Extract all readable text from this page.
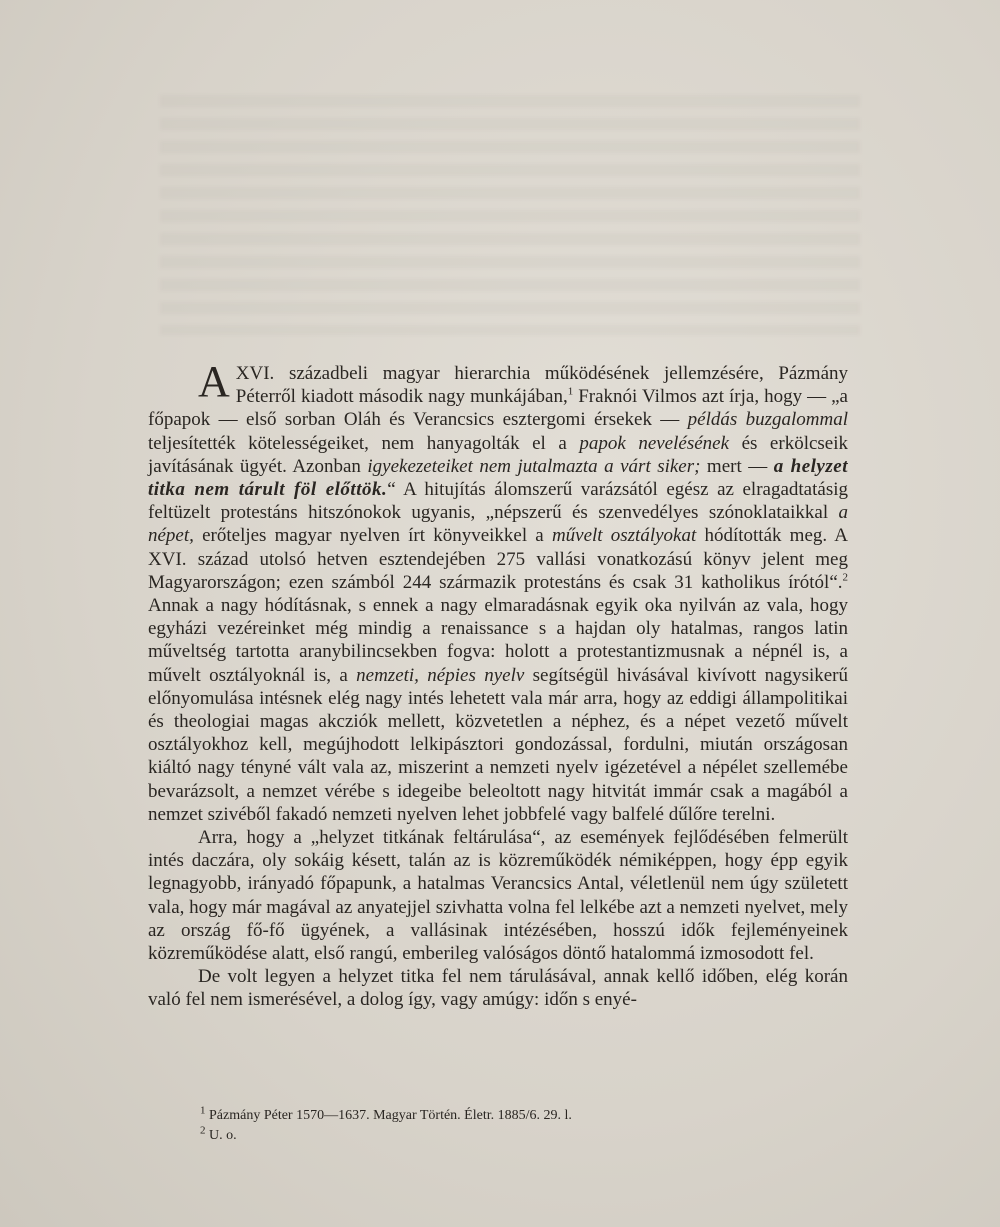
AXVI. századbeli magyar hierarchia működésének jellemzésére, Pázmány Péterről kiadott második nagy munkájában,$^1$ Fraknói Vilmos azt írja, hogy — „a főpapok — első sorban Oláh és Verancsics esztergomi érsekek — példás buzgalommal teljesítették kötelességeiket, nem hanyagolták el a papok nevelésének és erkölcseik javításának ügyét. Azonban igyekezeteiket nem jutalmazta a várt siker; mert — a helyzet titka nem tárult föl előttök.“ A hitujítás álomszerű varázsától egész az elragadtatásig feltüzelt protestáns hitszónokok ugyanis, „népszerű és szenvedélyes szónoklataikkal a népet, erőteljes magyar nyelven írt könyveikkel a művelt osztályokat hódították meg. A XVI. század utolsó hetven esztendejében 275 vallási vonatkozású könyv jelent meg Magyarországon; ezen számból 244 származik protestáns és csak 31 katholikus írótól“.$^2$ Annak a nagy hódításnak, s ennek a nagy elmaradásnak egyik oka nyilván az vala, hogy egyházi vezéreinket még mindig a renaissance s a hajdan oly hatalmas, rangos latin műveltség tartotta aranybilincsekben fogva: holott a protestantizmusnak a népnél is, a művelt osztályoknál is, a nemzeti, népies nyelv segítségül hivásával kivívott nagysikerű előnyomulása intésnek elég nagy intés lehetett vala már arra, hogy az eddigi állampolitikai és theologiai magas akcziók mellett, közvetetlen a néphez, és a népet vezető művelt osztályokhoz kell, megújhodott lelkipásztori gondozással, fordulni, miután országosan kiáltó nagy tényné vált vala az, miszerint a nemzeti nyelv igézetével a népélet szellemébe bevarázsolt, a nemzet vérébe s idegeibe beleoltott nagy hitvitát immár csak a magából a nemzet szivéből fakadó nemzeti nyelven lehet jobbfelé vagy balfelé dűlőre terelni.

Arra, hogy a „helyzet titkának feltárulása“, az események fejlődésében felmerült intés daczára, oly sokáig késett, talán az is közreműködék némiképpen, hogy épp egyik legnagyobb, irányadó főpapunk, a hatalmas Verancsics Antal, véletlenül nem úgy született vala, hogy már magával az anyatejjel szivhatta volna fel lelkébe azt a nemzeti nyelvet, mely az ország fő-fő ügyének, a vallásinak intézésében, hosszú idők fejleményeinek közreműködése alatt, első rangú, emberileg valóságos döntő hatalommá izmosodott fel.

De volt legyen a helyzet titka fel nem tárulásával, annak kellő időben, elég korán való fel nem ismerésével, a dolog így, vagy amúgy: időn s enyé-

$^1$ Pázmány Péter 1570—1637. Magyar Történ. Életr. 1885/6. 29. l.
$^2$ U. o.
